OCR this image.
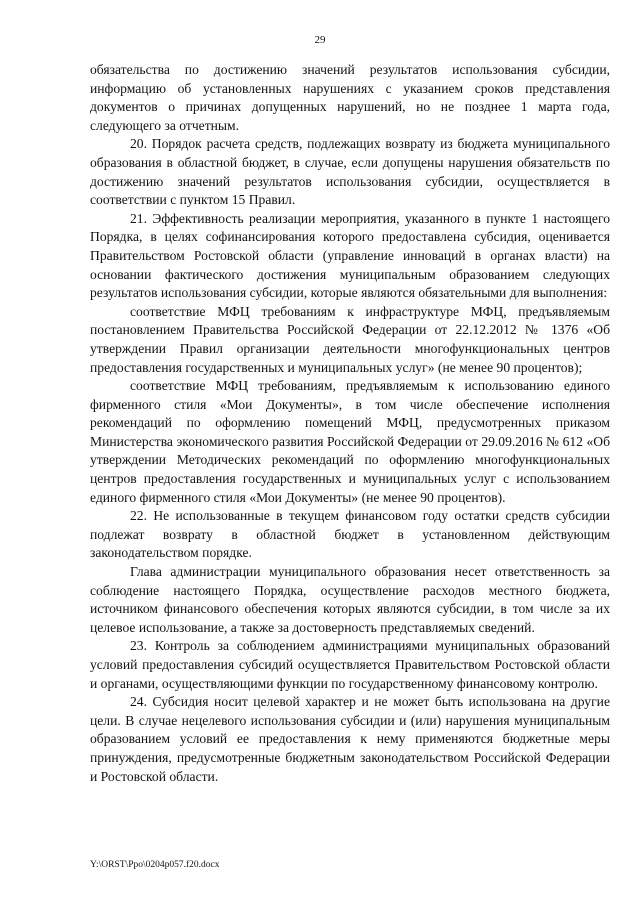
29

обязательства по достижению значений результатов использования субсидии, информацию об установленных нарушениях с указанием сроков представления документов о причинах допущенных нарушений, но не позднее 1 марта года, следующего за отчетным.

20. Порядок расчета средств, подлежащих возврату из бюджета муниципального образования в областной бюджет, в случае, если допущены нарушения обязательств по достижению значений результатов использования субсидии, осуществляется в соответствии с пунктом 15 Правил.

21. Эффективность реализации мероприятия, указанного в пункте 1 настоящего Порядка, в целях софинансирования которого предоставлена субсидия, оценивается Правительством Ростовской области (управление инноваций в органах власти) на основании фактического достижения муниципальным образованием следующих результатов использования субсидии, которые являются обязательными для выполнения:

соответствие МФЦ требованиям к инфраструктуре МФЦ, предъявляемым постановлением Правительства Российской Федерации от 22.12.2012 № 1376 «Об утверждении Правил организации деятельности многофункциональных центров предоставления государственных и муниципальных услуг» (не менее 90 процентов);

соответствие МФЦ требованиям, предъявляемым к использованию единого фирменного стиля «Мои Документы», в том числе обеспечение исполнения рекомендаций по оформлению помещений МФЦ, предусмотренных приказом Министерства экономического развития Российской Федерации от 29.09.2016 № 612 «Об утверждении Методических рекомендаций по оформлению многофункциональных центров предоставления государственных и муниципальных услуг с использованием единого фирменного стиля «Мои Документы» (не менее 90 процентов).

22. Не использованные в текущем финансовом году остатки средств субсидии подлежат возврату в областной бюджет в установленном действующим законодательством порядке.

Глава администрации муниципального образования несет ответственность за соблюдение настоящего Порядка, осуществление расходов местного бюджета, источником финансового обеспечения которых являются субсидии, в том числе за их целевое использование, а также за достоверность представляемых сведений.

23. Контроль за соблюдением администрациями муниципальных образований условий предоставления субсидий осуществляется Правительством Ростовской области и органами, осуществляющими функции по государственному финансовому контролю.

24. Субсидия носит целевой характер и не может быть использована на другие цели. В случае нецелевого использования субсидии и (или) нарушения муниципальным образованием условий ее предоставления к нему применяются бюджетные меры принуждения, предусмотренные бюджетным законодательством Российской Федерации и Ростовской области.

Y:\ORST\Ppo\0204p057.f20.docx
